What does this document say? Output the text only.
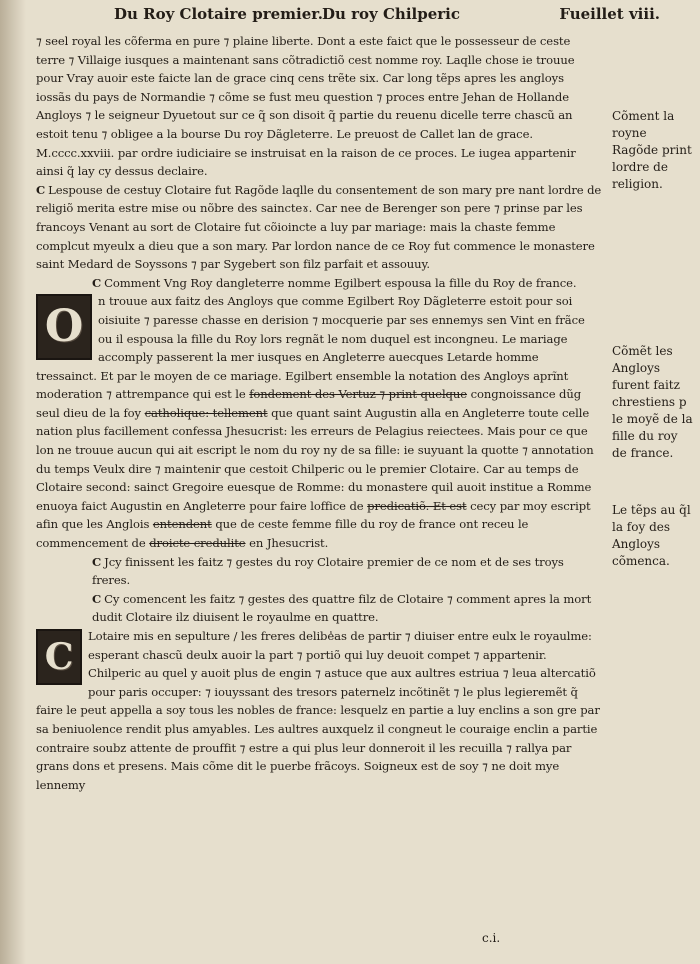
Du Roy Clotaire premier. Du roy Chilperic	Fueillet viii.

⁊ seel royal les cõferma en pure ⁊ plaine liberte. Dont a este faict que le possesseur de ceste terre ⁊ Villaige iusques a maintenant sans cõtradictiõ cest nomme roy. Laqlle chose ie trouue pour Vray auoir este faicte lan de grace cinq cens trẽte six. Car long tẽps apres les angloys iossãs du pays de Normandie ⁊ cõme se fust meu question ⁊ proces entre Jehan de Hollande Angloys ⁊ le seigneur Dyuetout sur ce q̃ son disoit q̃ partie du reuenu dicelle terre chascũ an estoit tenu ⁊ obligee a la bourse Du roy Dãgleterre. Le preuost de Callet lan de grace. M.cccc.xxviii. par ordre iudiciaire se instruisat en la raison de ce proces. Le iugea appartenir ainsi q̃ lay cy dessus declaire.

C Lespouse de cestuy Clotaire fut Ragõde laqlle du consentement de son mary pre nant lordre de religiõ merita estre mise ou nõbre des saincteɤ. Car nee de Berenger son pere ⁊ prinse par les francoys Venant au sort de Clotaire fut cõioincte a luy par mariage: mais la chaste femme complcut myeulx a dieu que a son mary. Par lordon nance de ce Roy fut commence le monastere saint Medard de Soyssons ⁊ par Sygebert son filz parfait et assouuy.

C Comment Vng Roy dangleterre nomme Egilbert espousa la fille du Roy de france.

O n trouue aux faitz des Angloys que comme Egilbert Roy Dãgleterre estoit pour soi oisiuite ⁊ paresse chasse en derision ⁊ mocquerie par ses ennemys sen Vint en frãce ou il espousa la fille du Roy lors regnãt le nom duquel est incongneu. Le mariage accomply passerent la mer iusques en Angleterre auecques Letarde homme tressainct. Et par le moyen de ce mariage. Egilbert ensemble la notation des Angloys aprĩnt moderation ⁊ attrempance qui est le fondement des Vertuz ⁊ print quelque congnoissance dũg seul dieu de la foy catholique: tellement que quant saint Augustin alla en Angleterre toute celle nation plus facillement confessa Jhesucrist: les erreurs de Pelagius reiectees. Mais pour ce que lon ne trouue aucun qui ait escript le nom du roy ny de sa fille: ie suyuant la quotte ⁊ annotation du temps Veulx dire ⁊ maintenir que cestoit Chilperic ou le premier Clotaire. Car au temps de Clotaire second: sainct Gregoire euesque de Romme: du monastere quil auoit institue a Romme enuoya faict Augustin en Angleterre pour faire loffice de predicatiõ. Et est cecy par moy escript afin que les Anglois entendent que de ceste femme fille du roy de france ont receu le commencement de droicte credulite en Jhesucrist.

C Jcy finissent les faitz ⁊ gestes du roy Clotaire premier de ce nom et de ses troys freres.

C Cy comencent les faitz ⁊ gestes des quattre filz de Clotaire ⁊ comment apres la mort dudit Clotaire ilz diuisent le royaulme en quattre.

C Lotaire mis en sepulture / les freres delibe̾as de partir ⁊ diuiser entre eulx le royaulme: esperant chascũ deulx auoir la part ⁊ portiõ qui luy deuoit compet ⁊ appartenir. Chilperic au quel y auoit plus de engin ⁊ astuce que aux aultres estriua ⁊ leua altercatiõ pour paris occuper: ⁊ iouyssant des tresors paternelz incõtinẽt ⁊ le plus legieremẽt q̃ faire le peut appella a soy tous les nobles de france: lesquelz en partie a luy enclins a son gre par sa beniuolence rendit plus amyables. Les aultres auxquelz il congneut le couraige enclin a partie contraire soubz attente de prouffit ⁊ estre a qui plus leur donneroit il les recuilla ⁊ rallya par grans dons et presens. Mais cõme dit le puerbe frãcoys. Soigneux est de soy ⁊ ne doit mye lennemy
Cõment la royne Ragõde print lordre de religion.
Cõmẽt les Angloys furent faitz chrestiens p le moyẽ de la fille du roy de france.
Le tẽps au q̃l la foy des Angloys cõmenca.
c.i.
